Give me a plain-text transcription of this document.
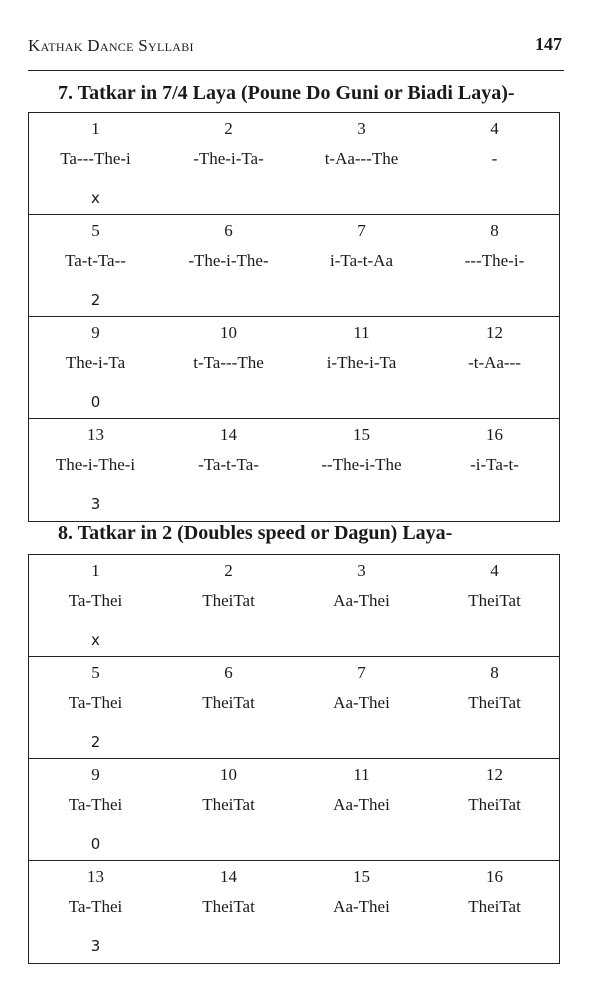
Kathak Dance Syllabi	147
7. Tatkar in 7/4 Laya (Poune Do Guni or Biadi Laya)-
1
Ta---The-i
2
-The-i-Ta-
3
t-Aa---The
4
-
x
5
Ta-t-Ta--
6
-The-i-The-
7
i-Ta-t-Aa
8
---The-i-
2
9
The-i-Ta
10
t-Ta---The
11
i-The-i-Ta
12
-t-Aa---
0
13
The-i-The-i
14
-Ta-t-Ta-
15
--The-i-The
16
-i-Ta-t-
3
8. Tatkar in 2 (Doubles speed or Dagun) Laya-
1
Ta-Thei
2
TheiTat
3
Aa-Thei
4
TheiTat
x
5
Ta-Thei
6
TheiTat
7
Aa-Thei
8
TheiTat
2
9
Ta-Thei
10
TheiTat
11
Aa-Thei
12
TheiTat
0
13
Ta-Thei
14
TheiTat
15
Aa-Thei
16
TheiTat
3
